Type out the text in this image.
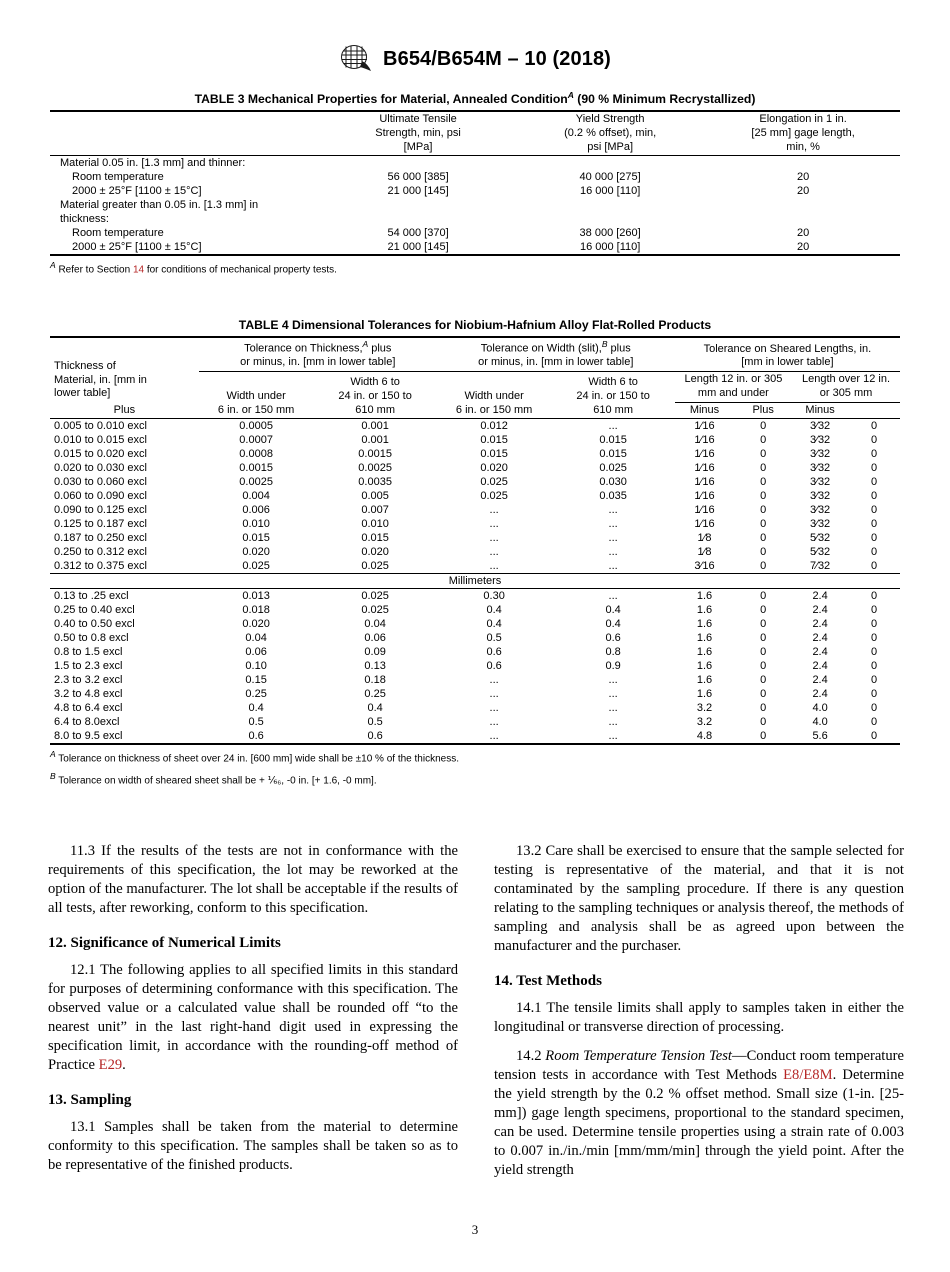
B654/B654M – 10 (2018)
TABLE 3 Mechanical Properties for Material, Annealed Condition$^A$ (90 % Minimum Recrystallized)
	Ultimate Tensile
Strength, min, psi
[MPa]	Yield Strength
(0.2 % offset), min,
psi [MPa]	Elongation in 1 in.
[25 mm] gage length,
min, %
Material 0.05 in. [1.3 mm] and thinner:			
Room temperature	56 000 [385]	40 000 [275]	20
2000 ± 25°F [1100 ± 15°C]	21 000 [145]	16 000 [110]	20
Material greater than 0.05 in. [1.3 mm] in			
thickness:			
Room temperature	54 000 [370]	38 000 [260]	20
2000 ± 25°F [1100 ± 15°C]	21 000 [145]	16 000 [110]	20
$^A$ Refer to Section 14 for conditions of mechanical property tests.
TABLE 4 Dimensional Tolerances for Niobium-Hafnium Alloy Flat-Rolled Products
Thickness of
Material, in. [mm in
lower table]	Tolerance on Thickness,$^A$ plus
or minus, in. [mm in lower table]		Tolerance on Width (slit),$^B$ plus
or minus, in. [mm in lower table]		Tolerance on Sheared Lengths, in.
[mm in lower table]			
	Width under
6 in. or 150 mm	Width 6 to
24 in. or 150 to
610 mm	Width under
6 in. or 150 mm	Width 6 to
24 in. or 150 to
610 mm	Length 12 in. or 305
mm and under		Length over 12 in.
or 305 mm	
Plus					Minus	Plus	Minus	
0.005 to 0.010 excl	0.0005	0.001	0.012	...	1⁄16	0	3⁄32	0
0.010 to 0.015 excl	0.0007	0.001	0.015	0.015	1⁄16	0	3⁄32	0
0.015 to 0.020 excl	0.0008	0.0015	0.015	0.015	1⁄16	0	3⁄32	0
0.020 to 0.030 excl	0.0015	0.0025	0.020	0.025	1⁄16	0	3⁄32	0
0.030 to 0.060 excl	0.0025	0.0035	0.025	0.030	1⁄16	0	3⁄32	0
0.060 to 0.090 excl	0.004	0.005	0.025	0.035	1⁄16	0	3⁄32	0
0.090 to 0.125 excl	0.006	0.007	...	...	1⁄16	0	3⁄32	0
0.125 to 0.187 excl	0.010	0.010	...	...	1⁄16	0	3⁄32	0
0.187 to 0.250 excl	0.015	0.015	...	...	1⁄8	0	5⁄32	0
0.250 to 0.312 excl	0.020	0.020	...	...	1⁄8	0	5⁄32	0
0.312 to 0.375 excl	0.025	0.025	...	...	3⁄16	0	7⁄32	0
Millimeters								
0.13 to .25 excl	0.013	0.025	0.30	...	1.6	0	2.4	0
0.25 to 0.40 excl	0.018	0.025	0.4	0.4	1.6	0	2.4	0
0.40 to 0.50 excl	0.020	0.04	0.4	0.4	1.6	0	2.4	0
0.50 to 0.8 excl	0.04	0.06	0.5	0.6	1.6	0	2.4	0
0.8 to 1.5 excl	0.06	0.09	0.6	0.8	1.6	0	2.4	0
1.5 to 2.3 excl	0.10	0.13	0.6	0.9	1.6	0	2.4	0
2.3 to 3.2 excl	0.15	0.18	...	...	1.6	0	2.4	0
3.2 to 4.8 excl	0.25	0.25	...	...	1.6	0	2.4	0
4.8 to 6.4 excl	0.4	0.4	...	...	3.2	0	4.0	0
6.4 to 8.0excl	0.5	0.5	...	...	3.2	0	4.0	0
8.0 to 9.5 excl	0.6	0.6	...	...	4.8	0	5.6	0
$^A$ Tolerance on thickness of sheet over 24 in. [600 mm] wide shall be ±10 % of the thickness.
$^B$ Tolerance on width of sheared sheet shall be + ⅙₆, -0 in. [+ 1.6, -0 mm].

11.3 If the results of the tests are not in conformance with the requirements of this specification, the lot may be reworked at the option of the manufacturer. The lot shall be acceptable if the results of all tests, after reworking, conform to this specification.

12. Significance of Numerical Limits

12.1 The following applies to all specified limits in this standard for purposes of determining conformance with this specification. The observed value or a calculated value shall be rounded off “to the nearest unit” in the last right-hand digit used in expressing the specification limit, in accordance with the rounding-off method of Practice E29.

13. Sampling

13.1 Samples shall be taken from the material to determine conformity to this specification. The samples shall be taken so as to be representative of the finished products.

13.2 Care shall be exercised to ensure that the sample selected for testing is representative of the material, and that it is not contaminated by the sampling procedure. If there is any question relating to the sampling techniques or analysis thereof, the methods of sampling and analysis shall be as agreed upon between the manufacturer and the purchaser.

14. Test Methods

14.1 The tensile limits shall apply to samples taken in either the longitudinal or transverse direction of processing.

14.2 Room Temperature Tension Test—Conduct room temperature tension tests in accordance with Test Methods E8/E8M. Determine the yield strength by the 0.2 % offset method. Small size (1-in. [25-mm]) gage length specimens, proportional to the standard specimen, can be used. Determine tensile properties using a strain rate of 0.003 to 0.007 in./in./min [mm/mm/min] through the yield point. After the yield strength

3
